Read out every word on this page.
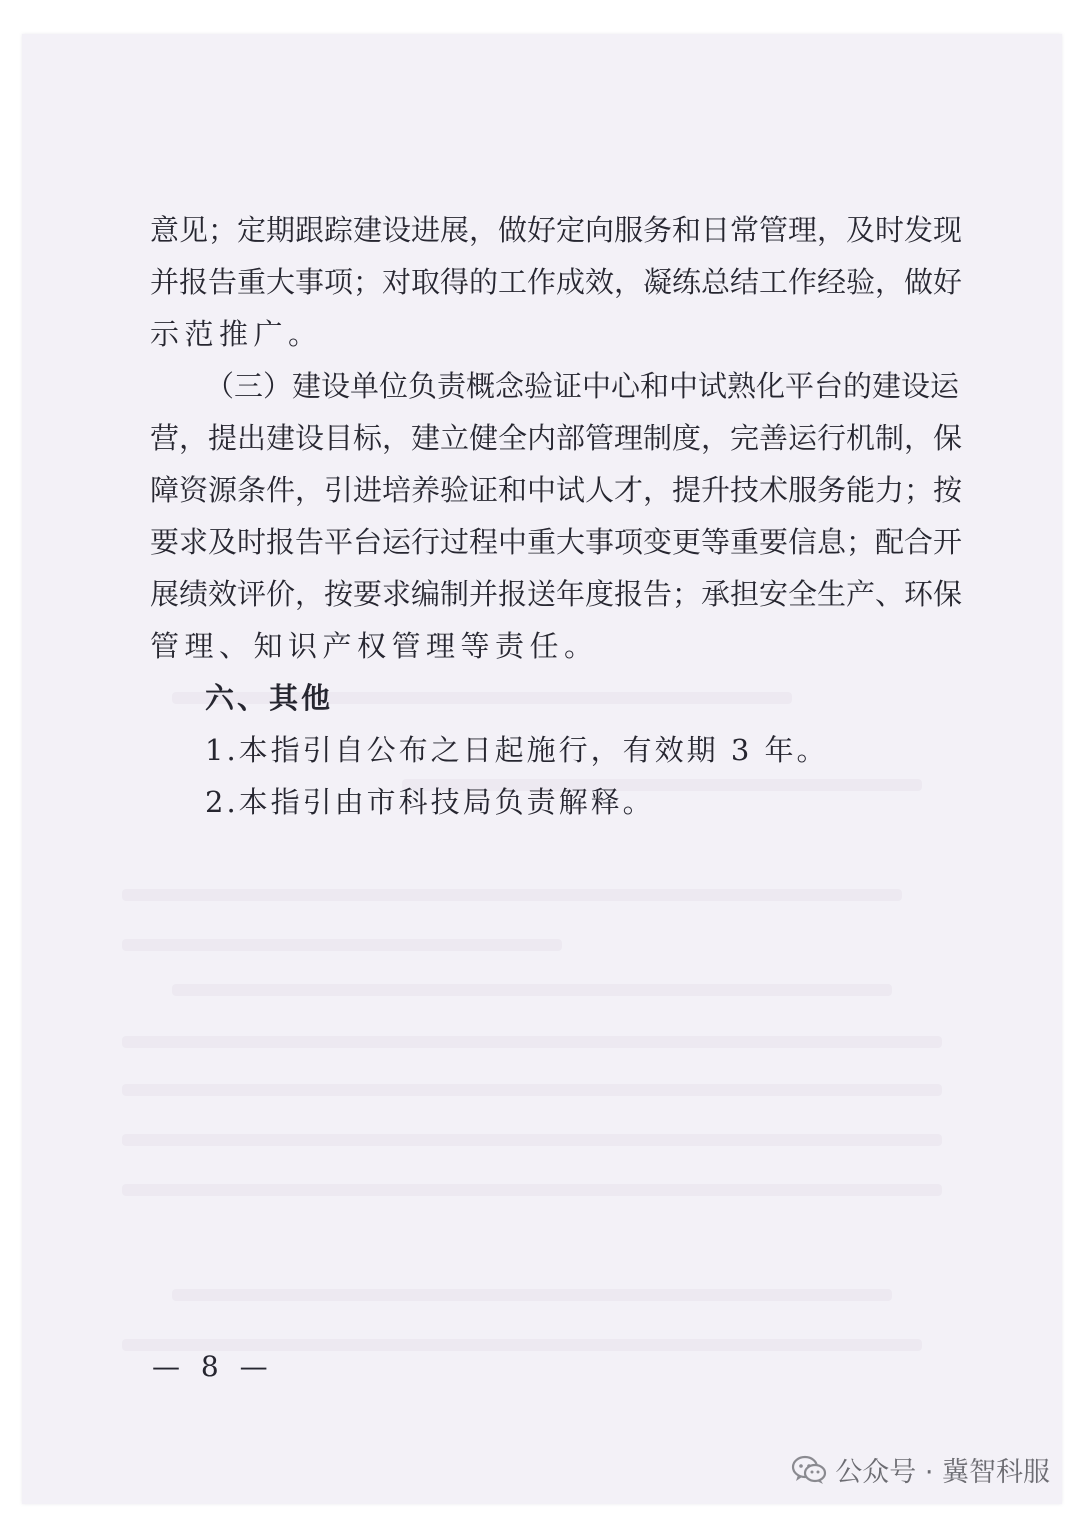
意见；定期跟踪建设进展，做好定向服务和日常管理，及时发现
并报告重大事项；对取得的工作成效，凝练总结工作经验，做好
示范推广。
（三）建设单位负责概念验证中心和中试熟化平台的建设运
营，提出建设目标，建立健全内部管理制度，完善运行机制，保
障资源条件，引进培养验证和中试人才，提升技术服务能力；按
要求及时报告平台运行过程中重大事项变更等重要信息；配合开
展绩效评价，按要求编制并报送年度报告；承担安全生产、环保
管理、知识产权管理等责任。
六、其他
1.本指引自公布之日起施行，有效期 3 年。
2.本指引由市科技局负责解释。
— 8 —
公众号 · 冀智科服
